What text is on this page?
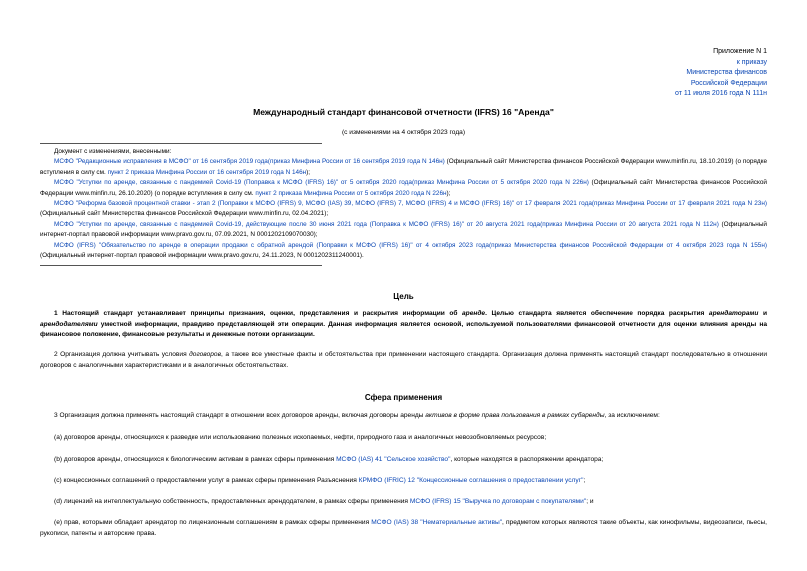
Приложение N 1
к приказу
Министерства финансов
Российской Федерации
от 11 июля 2016 года N 111н
Международный стандарт финансовой отчетности (IFRS) 16 "Аренда"
(с изменениями на 4 октября 2023 года)

Документ с изменениями, внесенными:

МСФО "Редакционные исправления в МСФО" от 16 сентября 2019 года(приказ Минфина России от 16 сентября 2019 года N 146н) (Официальный сайт Министерства финансов Российской Федерации www.minfin.ru, 18.10.2019) (о порядке вступления в силу см. пункт 2 приказа Минфина России от 16 сентября 2019 года N 146н);

МСФО "Уступки по аренде, связанные с пандемией Covid-19 (Поправка к МСФО (IFRS) 16)" от 5 октября 2020 года(приказ Минфина России от 5 октября 2020 года N 226н) (Официальный сайт Министерства финансов Российской Федерации www.minfin.ru, 26.10.2020) (о порядке вступления в силу см. пункт 2 приказа Минфина России от 5 октября 2020 года N 226н);

МСФО "Реформа базовой процентной ставки - этап 2 (Поправки к МСФО (IFRS) 9, МСФО (IAS) 39, МСФО (IFRS) 7, МСФО (IFRS) 4 и МСФО (IFRS) 16)" от 17 февраля 2021 года(приказ Минфина России от 17 февраля 2021 года N 23н) (Официальный сайт Министерства финансов Российской Федерации www.minfin.ru, 02.04.2021);

МСФО "Уступки по аренде, связанные с пандемией Covid-19, действующие после 30 июня 2021 года (Поправка к МСФО (IFRS) 16)" от 20 августа 2021 года(приказ Минфина России от 20 августа 2021 года N 112н) (Официальный интернет-портал правовой информации www.pravo.gov.ru, 07.09.2021, N 0001202109070030);

МСФО (IFRS) "Обязательство по аренде в операции продажи с обратной арендой (Поправки к МСФО (IFRS) 16)" от 4 октября 2023 года(приказ Министерства финансов Российской Федерации от 4 октября 2023 года N 155н) (Официальный интернет-портал правовой информации www.pravo.gov.ru, 24.11.2023, N 0001202311240001).

Цель

1 Настоящий стандарт устанавливает принципы признания, оценки, представления и раскрытия информации об аренде. Целью стандарта является обеспечение порядка раскрытия арендаторами и арендодателями уместной информации, правдиво представляющей эти операции. Данная информация является основой, используемой пользователями финансовой отчетности для оценки влияния аренды на финансовое положение, финансовые результаты и денежные потоки организации.

2 Организация должна учитывать условия договоров, а также все уместные факты и обстоятельства при применении настоящего стандарта. Организация должна применять настоящий стандарт последовательно в отношении договоров с аналогичными характеристиками и в аналогичных обстоятельствах.

Сфера применения

3 Организация должна применять настоящий стандарт в отношении всех договоров аренды, включая договоры аренды активов в форме права пользования в рамках субаренды, за исключением:

(a) договоров аренды, относящихся к разведке или использованию полезных ископаемых, нефти, природного газа и аналогичных невозобновляемых ресурсов;

(b) договоров аренды, относящихся к биологическим активам в рамках сферы применения МСФО (IAS) 41 "Сельское хозяйство", которые находятся в распоряжении арендатора;

(c) концессионных соглашений о предоставлении услуг в рамках сферы применения Разъяснения КРМФО (IFRIC) 12 "Концессионные соглашения о предоставлении услуг";

(d) лицензий на интеллектуальную собственность, предоставленных арендодателем, в рамках сферы применения МСФО (IFRS) 15 "Выручка по договорам с покупателями"; и

(e) прав, которыми обладает арендатор по лицензионным соглашениям в рамках сферы применения МСФО (IAS) 38 "Нематериальные активы", предметом которых являются такие объекты, как кинофильмы, видеозаписи, пьесы, рукописи, патенты и авторские права.
